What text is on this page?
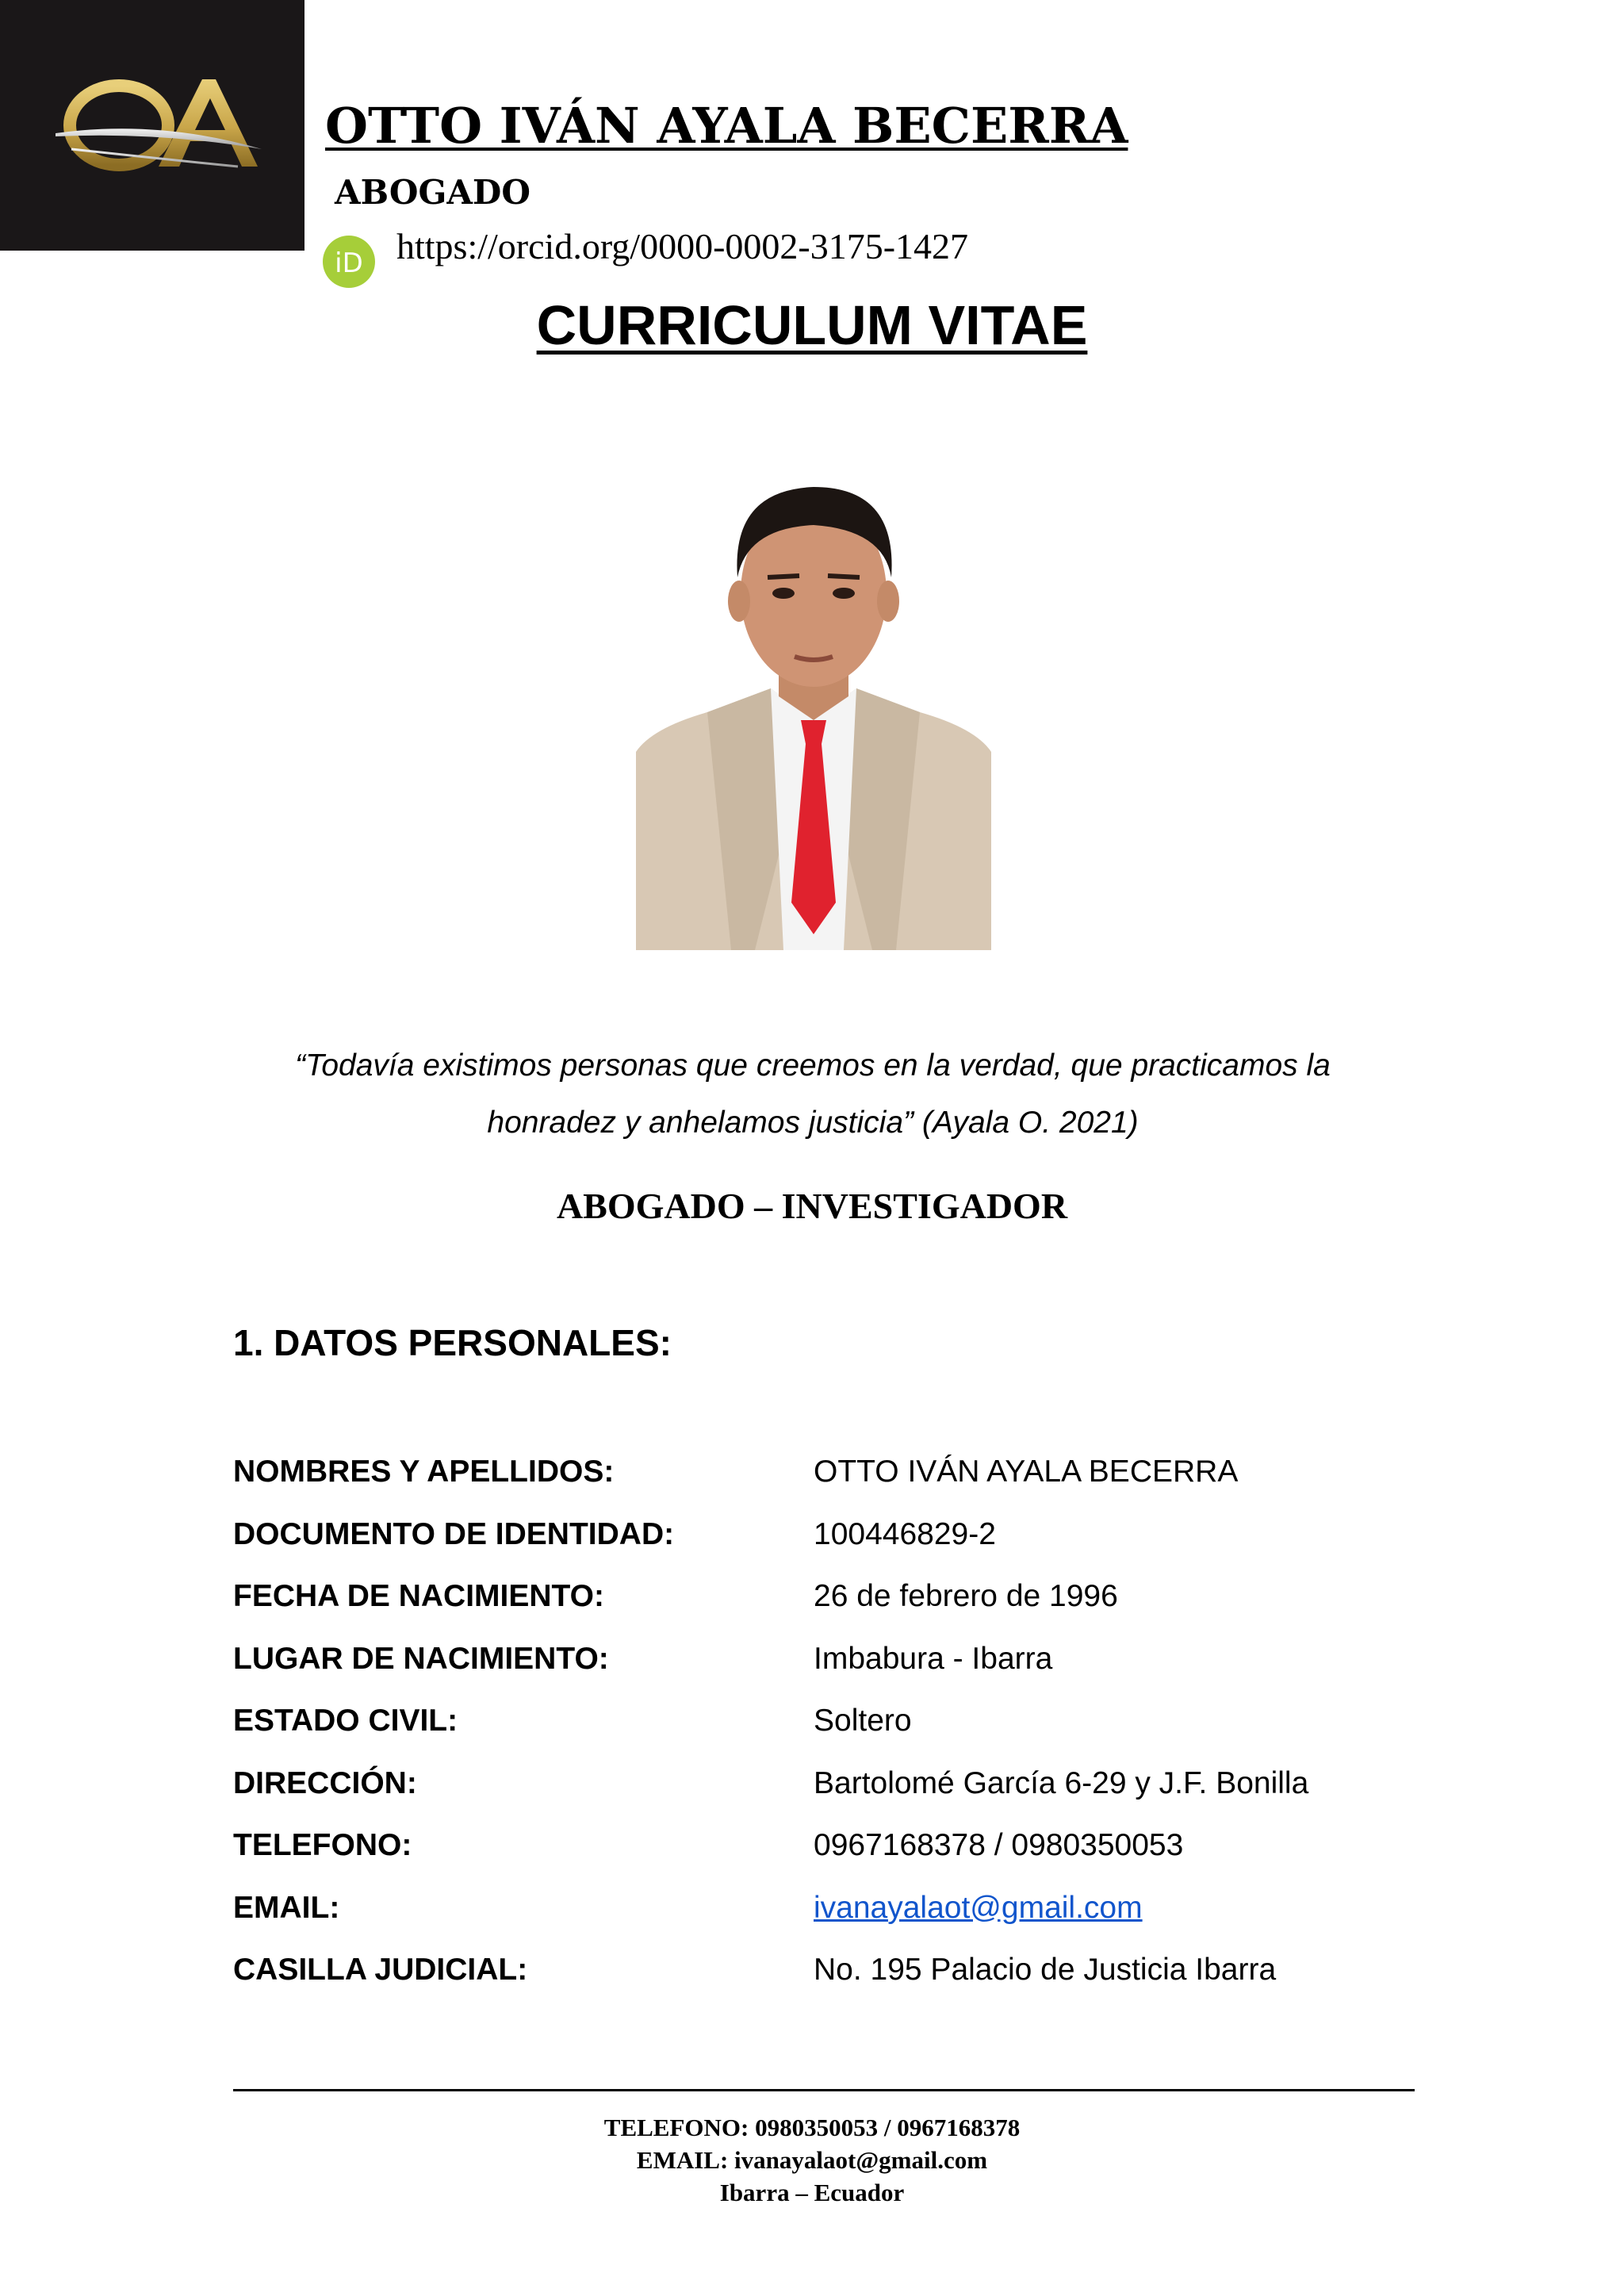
OTTO IVÁN AYALA BECERRA
ABOGADO
iD https://orcid.org/0000-0002-3175-1427
CURRICULUM VITAE
“Todavía existimos personas que creemos en la verdad, que practicamos la
honradez y anhelamos justicia” (Ayala O. 2021)
ABOGADO – INVESTIGADOR
1. DATOS PERSONALES:
NOMBRES Y APELLIDOS:	OTTO IVÁN AYALA BECERRA
DOCUMENTO DE IDENTIDAD:	100446829-2
FECHA DE NACIMIENTO:	26 de febrero de 1996
LUGAR DE NACIMIENTO:	Imbabura - Ibarra
ESTADO CIVIL:	Soltero
DIRECCIÓN:	Bartolomé García 6-29 y J.F. Bonilla
TELEFONO:	0967168378 / 0980350053
EMAIL:	ivanayalaot@gmail.com
CASILLA JUDICIAL:	No. 195 Palacio de Justicia Ibarra
TELEFONO: 0980350053 / 0967168378
EMAIL: ivanayalaot@gmail.com
Ibarra – Ecuador
